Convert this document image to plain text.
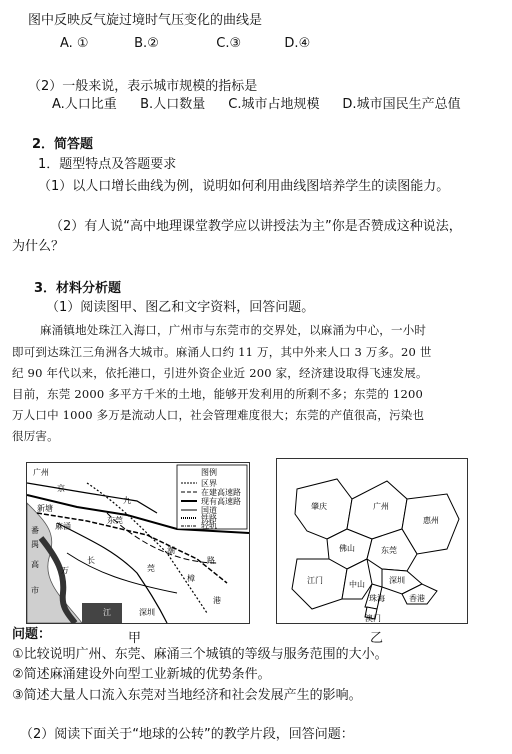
图中反映反气旋过境时气压变化的曲线是
A. ①	B.②	C.③	D.④
（2）一般来说，表示城市规模的指标是
A.人口比重 B.人口数量 C.城市占地规模 D.城市国民生产总值
2．简答题
1．题型特点及答题要求
（1）以人口增长曲线为例，说明如何利用曲线图培养学生的读图能力。
（2）有人说“高中地理课堂教学应以讲授法为主”你是否赞成这种说法，
为什么？
3．材料分析题
（1）阅读图甲、图乙和文字资料，回答问题。
麻涌镇地处珠江入海口，广州市与东莞市的交界处，以麻涌为中心，一小时
即可到达珠江三角洲各大城市。麻涌人口约 11 万，其中外来人口 3 万多。20 世
纪 90 年代以来，依托港口，引进外资企业近 200 家，经济建设取得飞速发展。
目前，东莞 2000 多平方千米的土地，能够开发利用的所剩不多；东莞的 1200
万人口中 1000 多万是流动人口，社会管理难度很大；东莞的产值很高，污染也
很厉害。
图例
区界
在建高速路
现有高速路
国道
铁路
轻轨
广州
京
九
东莞
新塘
番
禺
麻涌
万
长
市
江	深圳
潮
高
樟
莞
路
港
肇庆	广州
佛山	东莞
惠州
江门	中山
珠海
深圳
香港
澳门
问题：	甲	乙
①比较说明广州、东莞、麻涌三个城镇的等级与服务范围的大小。
②简述麻涌建设外向型工业新城的优势条件。
③简述大量人口流入东莞对当地经济和社会发展产生的影响。
（2）阅读下面关于“地球的公转”的教学片段，回答问题：
